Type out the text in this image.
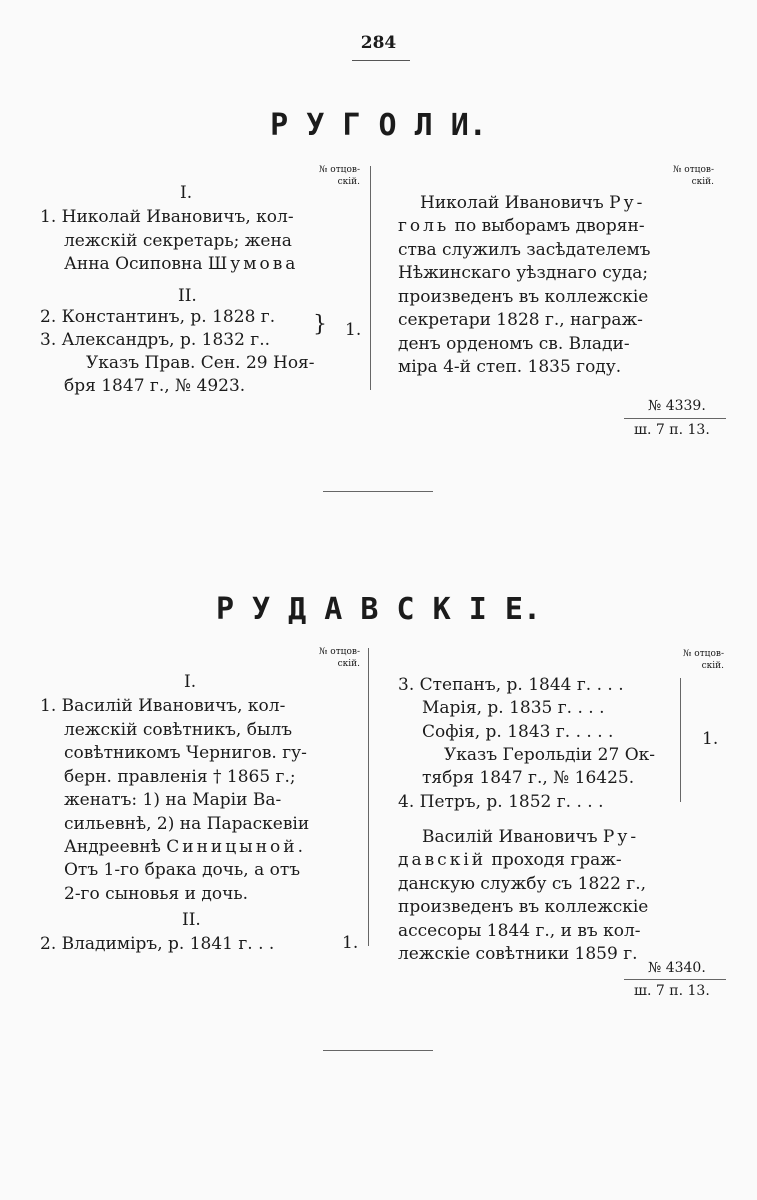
284
Р У Г О Л И.
№ отцов-
скій.
№ отцов-
скій.
I.
1. Николай Ивановичъ, кол-
лежскій секретарь; жена
Анна Осиповна Шумова
II.
2. Константинъ, р. 1828 г.
3. Александръ, р. 1832 г..
} 1.
Указъ Прав. Сен. 29 Ноя-
бря 1847 г., № 4923.
Николай Ивановичъ Ру-
голь по выборамъ дворян-
ства служилъ засѣдателемъ
Нѣжинскаго уѣзднаго суда;
произведенъ въ коллежскіе
секретари 1828 г., награж-
денъ орденомъ св. Влади-
міра 4-й степ. 1835 году.
№ 4339.
ш. 7 п. 13.
Р У Д А В С К І Е.
№ отцов-
скій.
№ отцов-
скій.
I.
1. Василій Ивановичъ, кол-
лежскій совѣтникъ, былъ
совѣтникомъ Чернигов. гу-
берн. правленія † 1865 г.;
женатъ: 1) на Маріи Ва-
сильевнѣ, 2) на Параскевіи
Андреевнѣ Синицыной.
Отъ 1-го брака дочь, а отъ
2-го сыновья и дочь.
II.
2. Владиміръ, р. 1841 г. . .	1.
3. Степанъ, р. 1844 г. . . .
Марія, р. 1835 г. . . .
Софія, р. 1843 г. . . . .
Указъ Герольдіи 27 Ок-
тября 1847 г., № 16425.
4. Петръ, р. 1852 г. . . .
1.
Василій Ивановичъ Ру-
давскій проходя граж-
данскую службу съ 1822 г.,
произведенъ въ коллежскіе
ассесоры 1844 г., и въ кол-
лежскіе совѣтники 1859 г.
№ 4340.
ш. 7 п. 13.
